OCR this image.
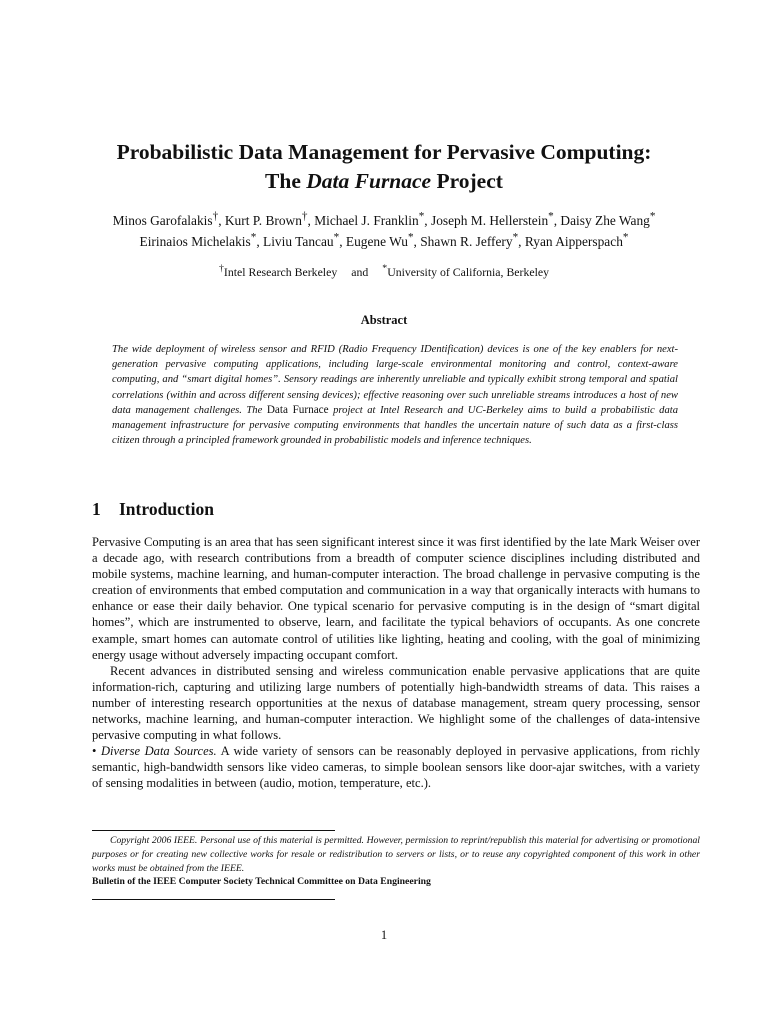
Probabilistic Data Management for Pervasive Computing:
The Data Furnace Project
Minos Garofalakis†, Kurt P. Brown†, Michael J. Franklin*, Joseph M. Hellerstein*, Daisy Zhe Wang*
Eirinaios Michelakis*, Liviu Tancau*, Eugene Wu*, Shawn R. Jeffery*, Ryan Aipperspach*
†Intel Research Berkeley and *University of California, Berkeley
Abstract
The wide deployment of wireless sensor and RFID (Radio Frequency IDentification) devices is one of the key enablers for next-generation pervasive computing applications, including large-scale environmental monitoring and control, context-aware computing, and “smart digital homes”. Sensory readings are inherently unreliable and typically exhibit strong temporal and spatial correlations (within and across different sensing devices); effective reasoning over such unreliable streams introduces a host of new data management challenges. The Data Furnace project at Intel Research and UC-Berkeley aims to build a probabilistic data management infrastructure for pervasive computing environments that handles the uncertain nature of such data as a first-class citizen through a principled framework grounded in probabilistic models and inference techniques.
1 Introduction

Pervasive Computing is an area that has seen significant interest since it was first identified by the late Mark Weiser over a decade ago, with research contributions from a breadth of computer science disciplines including distributed and mobile systems, machine learning, and human-computer interaction. The broad challenge in pervasive computing is the creation of environments that embed computation and communication in a way that organically interacts with humans to enhance or ease their daily behavior. One typical scenario for pervasive computing is in the design of “smart digital homes”, which are instrumented to observe, learn, and facilitate the typical behaviors of occupants. As one concrete example, smart homes can automate control of utilities like lighting, heating and cooling, with the goal of minimizing energy usage without adversely impacting occupant comfort.

Recent advances in distributed sensing and wireless communication enable pervasive applications that are quite information-rich, capturing and utilizing large numbers of potentially high-bandwidth streams of data. This raises a number of interesting research opportunities at the nexus of database management, stream query processing, sensor networks, machine learning, and human-computer interaction. We highlight some of the challenges of data-intensive pervasive computing in what follows.

• Diverse Data Sources. A wide variety of sensors can be reasonably deployed in pervasive applications, from richly semantic, high-bandwidth sensors like video cameras, to simple boolean sensors like door-ajar switches, with a variety of sensing modalities in between (audio, motion, temperature, etc.).

Copyright 2006 IEEE. Personal use of this material is permitted. However, permission to reprint/republish this material for advertising or promotional purposes or for creating new collective works for resale or redistribution to servers or lists, or to reuse any copyrighted component of this work in other works must be obtained from the IEEE.
Bulletin of the IEEE Computer Society Technical Committee on Data Engineering
1
